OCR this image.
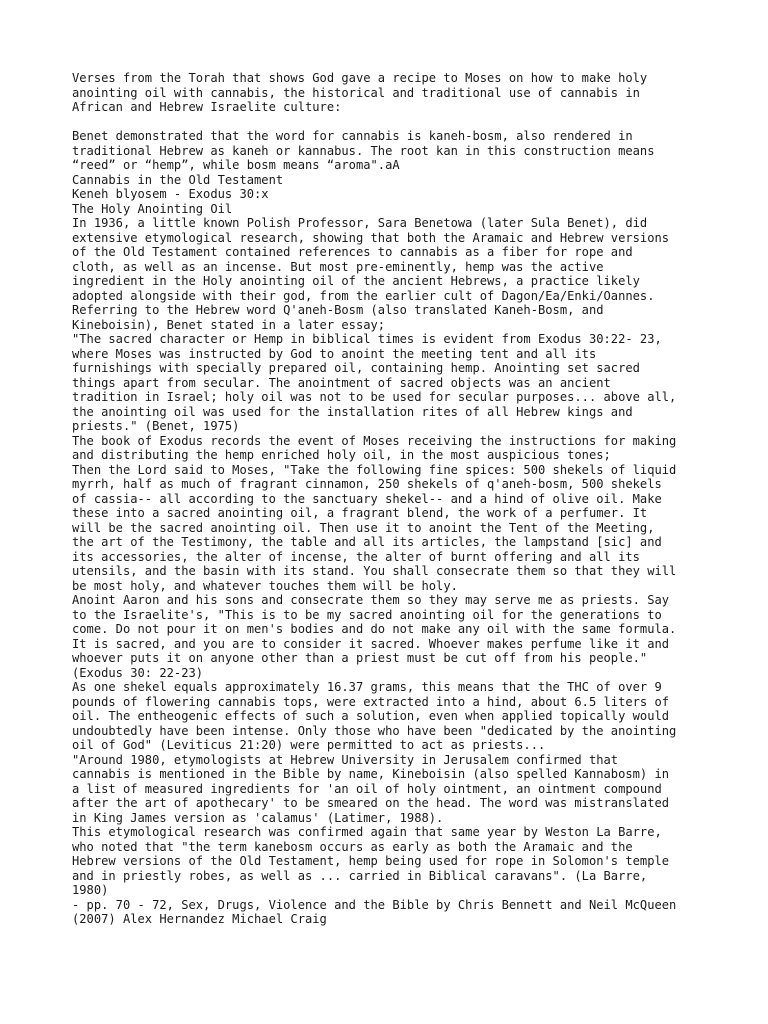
Verses from the Torah that shows God gave a recipe to Moses on how to make holy
anointing oil with cannabis, the historical and traditional use of cannabis in
African and Hebrew Israelite culture:
Benet demonstrated that the word for cannabis is kaneh-bosm, also rendered in
traditional Hebrew as kaneh or kannabus. The root kan in this construction means
“reed” or “hemp”, while bosm means “aroma".aA
Cannabis in the Old Testament
Keneh blyosem - Exodus 30:x
The Holy Anointing Oil
In 1936, a little known Polish Professor, Sara Benetowa (later Sula Benet), did
extensive etymological research, showing that both the Aramaic and Hebrew versions
of the Old Testament contained references to cannabis as a fiber for rope and
cloth, as well as an incense. But most pre-eminently, hemp was the active
ingredient in the Holy anointing oil of the ancient Hebrews, a practice likely
adopted alongside with their god, from the earlier cult of Dagon/Ea/Enki/Oannes.
Referring to the Hebrew word Q'aneh-Bosm (also translated Kaneh-Bosm, and
Kineboisin), Benet stated in a later essay;
"The sacred character or Hemp in biblical times is evident from Exodus 30:22- 23,
where Moses was instructed by God to anoint the meeting tent and all its
furnishings with specially prepared oil, containing hemp. Anointing set sacred
things apart from secular. The anointment of sacred objects was an ancient
tradition in Israel; holy oil was not to be used for secular purposes... above all,
the anointing oil was used for the installation rites of all Hebrew kings and
priests." (Benet, 1975)
The book of Exodus records the event of Moses receiving the instructions for making
and distributing the hemp enriched holy oil, in the most auspicious tones;
Then the Lord said to Moses, "Take the following fine spices: 500 shekels of liquid
myrrh, half as much of fragrant cinnamon, 250 shekels of q'aneh-bosm, 500 shekels
of cassia-- all according to the sanctuary shekel-- and a hind of olive oil. Make
these into a sacred anointing oil, a fragrant blend, the work of a perfumer. It
will be the sacred anointing oil. Then use it to anoint the Tent of the Meeting,
the art of the Testimony, the table and all its articles, the lampstand [sic] and
its accessories, the alter of incense, the alter of burnt offering and all its
utensils, and the basin with its stand. You shall consecrate them so that they will
be most holy, and whatever touches them will be holy.
Anoint Aaron and his sons and consecrate them so they may serve me as priests. Say
to the Israelite's, "This is to be my sacred anointing oil for the generations to
come. Do not pour it on men's bodies and do not make any oil with the same formula.
It is sacred, and you are to consider it sacred. Whoever makes perfume like it and
whoever puts it on anyone other than a priest must be cut off from his people."
(Exodus 30: 22-23)
As one shekel equals approximately 16.37 grams, this means that the THC of over 9
pounds of flowering cannabis tops, were extracted into a hind, about 6.5 liters of
oil. The entheogenic effects of such a solution, even when applied topically would
undoubtedly have been intense. Only those who have been "dedicated by the anointing
oil of God" (Leviticus 21:20) were permitted to act as priests...
"Around 1980, etymologists at Hebrew University in Jerusalem confirmed that
cannabis is mentioned in the Bible by name, Kineboisin (also spelled Kannabosm) in
a list of measured ingredients for 'an oil of holy ointment, an ointment compound
after the art of apothecary' to be smeared on the head. The word was mistranslated
in King James version as 'calamus' (Latimer, 1988).
This etymological research was confirmed again that same year by Weston La Barre,
who noted that "the term kanebosm occurs as early as both the Aramaic and the
Hebrew versions of the Old Testament, hemp being used for rope in Solomon's temple
and in priestly robes, as well as ... carried in Biblical caravans". (La Barre,
1980)
- pp. 70 - 72, Sex, Drugs, Violence and the Bible by Chris Bennett and Neil McQueen
(2007) Alex Hernandez Michael Craig
